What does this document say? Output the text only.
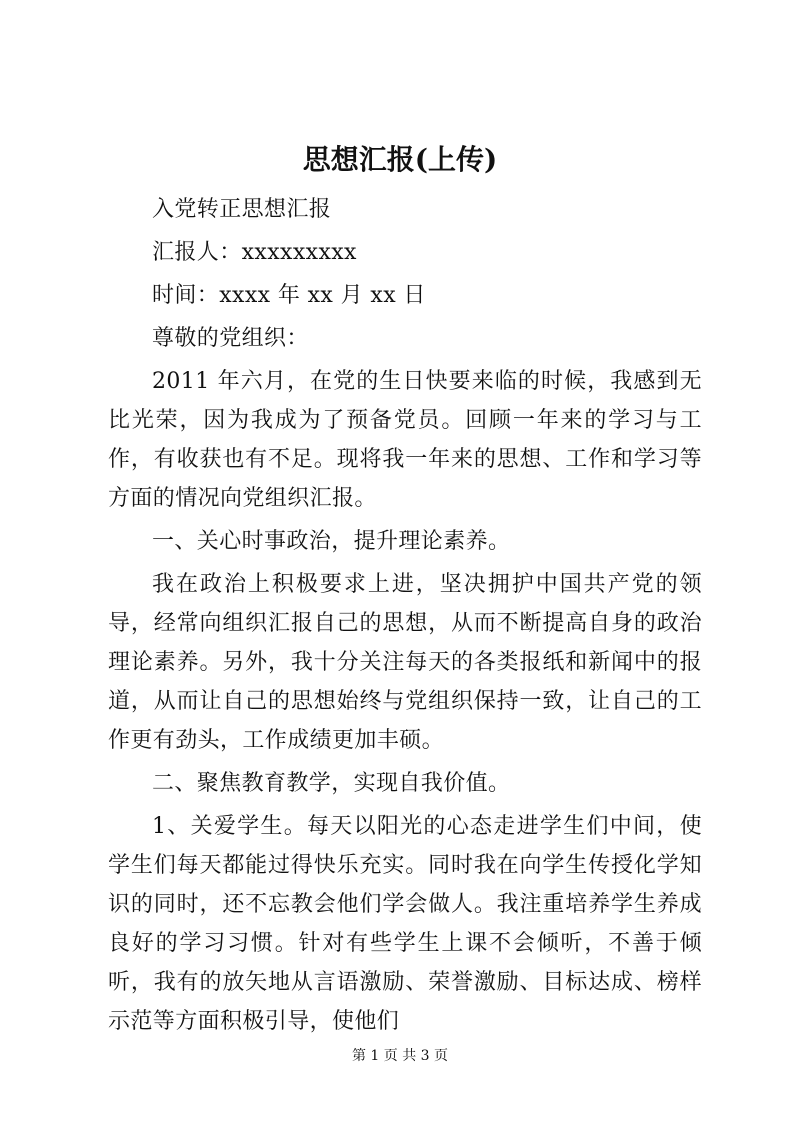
思想汇报(上传)

入党转正思想汇报

汇报人：xxxxxxxxx

时间：xxxx 年 xx 月 xx 日

尊敬的党组织：

2011 年六月，在党的生日快要来临的时候，我感到无比光荣，因为我成为了预备党员。回顾一年来的学习与工作，有收获也有不足。现将我一年来的思想、工作和学习等方面的情况向党组织汇报。

一、关心时事政治，提升理论素养。

我在政治上积极要求上进，坚决拥护中国共产党的领导，经常向组织汇报自己的思想，从而不断提高自身的政治理论素养。另外，我十分关注每天的各类报纸和新闻中的报道，从而让自己的思想始终与党组织保持一致，让自己的工作更有劲头，工作成绩更加丰硕。

二、聚焦教育教学，实现自我价值。

1、关爱学生。每天以阳光的心态走进学生们中间，使学生们每天都能过得快乐充实。同时我在向学生传授化学知识的同时，还不忘教会他们学会做人。我注重培养学生养成良好的学习习惯。针对有些学生上课不会倾听，不善于倾听，我有的放矢地从言语激励、荣誉激励、目标达成、榜样示范等方面积极引导，使他们

第 1 页 共 3 页
